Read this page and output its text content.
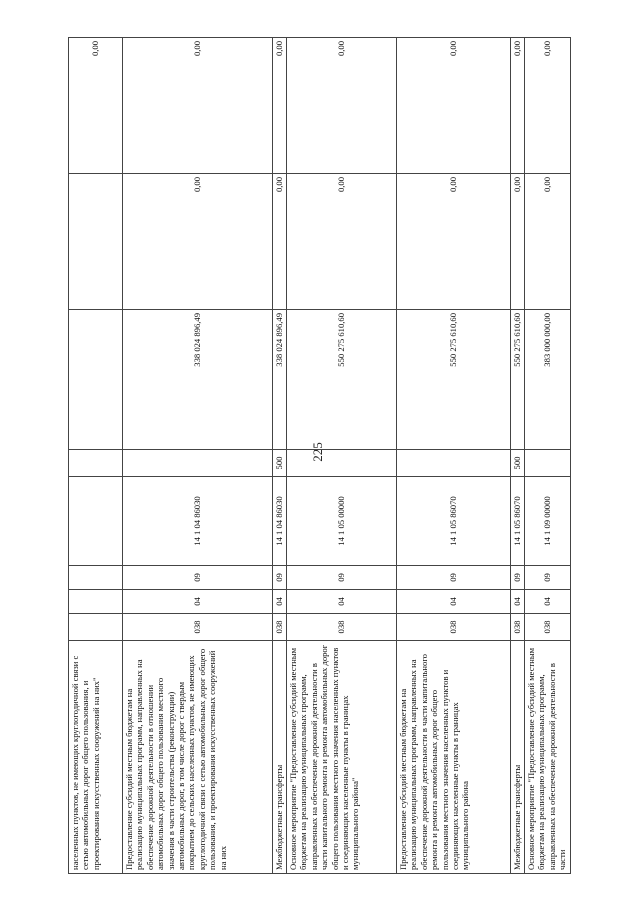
225
населенных пунктов, не имеющих круглогодичной связи с сетью автомобильных дорог общего пользования, и проектирования искусственных сооружений на них"								0,00
Предоставление субсидий местным бюджетам на реализацию муниципальных программ, направленных на обеспечение дорожной деятельности в отношении автомобильных дорог общего пользования местного значения в части строительства (реконструкции) автомобильных дорог, в том числе дорог с твердым покрытием до сельских населенных пунктов, не имеющих круглогодичной связи с сетью автомобильных дорог общего пользования, и проектирования искусственных сооружений на них	038	04	09	14 1 04 86030		338 024 896,49	0,00	0,00
Межбюджетные трансферты	038	04	09	14 1 04 86030	500	338 024 896,49	0,00	0,00
Основное мероприятие "Предоставление субсидий местным бюджетам на реализацию муниципальных программ, направленных на обеспечение дорожной деятельности в части капитального ремонта и ремонта автомобильных дорог общего пользования местного значения населенных пунктов и соединяющих населенные пункты в границах муниципального района"	038	04	09	14 1 05 00000		550 275 610,60	0,00	0,00
Предоставление субсидий местным бюджетам на реализацию муниципальных программ, направленных на обеспечение дорожной деятельности в части капитального ремонта и ремонта автомобильных дорог общего пользования местного значения населенных пунктов и соединяющих населенные пункты в границах муниципального района	038	04	09	14 1 05 86070		550 275 610,60	0,00	0,00
Межбюджетные трансферты	038	04	09	14 1 05 86070	500	550 275 610,60	0,00	0,00
Основное мероприятие "Предоставление субсидий местным бюджетам на реализацию муниципальных программ, направленных на обеспечение дорожной деятельности в части	038	04	09	14 1 09 00000		383 000 000,00	0,00	0,00
